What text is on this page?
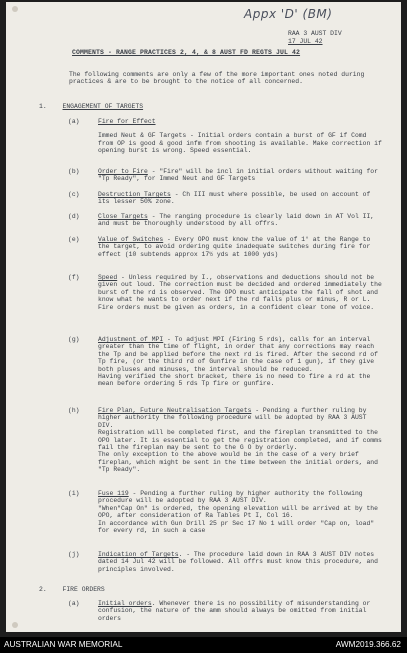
Appx 'D' (BM)
RAA 3 AUST DIV
17 JUL 42
COMMENTS - RANGE PRACTICES 2, 4, & 8 AUST FD REGTS JUL 42

The following comments are only a few of the more important ones noted during practices & are to be brought to the notice of all concerned.

1. ENGAGEMENT OF TARGETS
(a)	Fire for Effect

Immed Neut & GF Targets - Initial orders contain a burst of GF if Comd from OP is good & good infm from shooting is available. Make correction if opening burst is wrong. Speed essential.

(b)	Order to Fire - "Fire" will be incl in initial orders without waiting for "Tp Ready", for Immed Neut and GF Targets

(c)	Destruction Targets - Ch III must where possible, be used on account of its lesser 50% zone.

(d)	Close Targets - The ranging procedure is clearly laid down in AT Vol II, and must be thoroughly understood by all offrs.

(e)	Value of Switches - Every OPO must know the value of 1° at the Range to the target, to avoid ordering quite inadequate switches during fire for effect (10 subtends approx 17½ yds at 1000 yds)

(f)	Speed - Unless required by I., observations and deductions should not be given out loud. The correction must be decided and ordered immediately the burst of the rd is observed. The OPO must anticipate the fall of shot and know what he wants to order next if the rd falls plus or minus, R or L.
Fire orders must be given as orders, in a confident clear tone of voice.

(g)	Adjustment of MPI - To adjust MPI (Firing 5 rds), calls for an interval greater than the time of flight, in order that any corrections may reach the Tp and be applied before the next rd is fired. After the second rd of Tp fire, (or the third rd of Gunfire in the case of 1 gun), if they give both pluses and minuses, the interval should be reduced.
Having verified the short bracket, there is no need to fire a rd at the mean before ordering 5 rds Tp fire or gunfire.

(h)	Fire Plan, Future Neutralisation Targets - Pending a further ruling by higher authority the following procedure will be adopted by RAA 3 AUST DIV.
Registration will be completed first, and the fireplan transmitted to the OPO later. It is essential to get the registration completed, and if comms fail the fireplan may be sent to the G O by orderly.
The only exception to the above would be in the case of a very brief fireplan, which might be sent in the time between the initial orders, and "Tp Ready".

(i)	Fuse 119 - Pending a further ruling by higher authority the following procedure will be adopted by RAA 3 AUST DIV.
"When"Cap On" is ordered, the opening elevation will be arrived at by the OPO, after consideration of Ra Tables Pt I, Col 16.
In accordance with Gun Drill 25 pr Sec 17 No 1 will order "Cap on, load" for every rd, in such a case

(j)	Indication of Targets. - The procedure laid down in RAA 3 AUST DIV notes dated 14 Jul 42 will be followed. All offrs must know this procedure, and principles involved.

2. FIRE ORDERS
(a)	Initial orders. Whenever there is no possibility of misunderstanding or confusion, the nature of the amm should always be omitted from initial orders

AUSTRALIAN WAR MEMORIAL	AWM2019.366.62
